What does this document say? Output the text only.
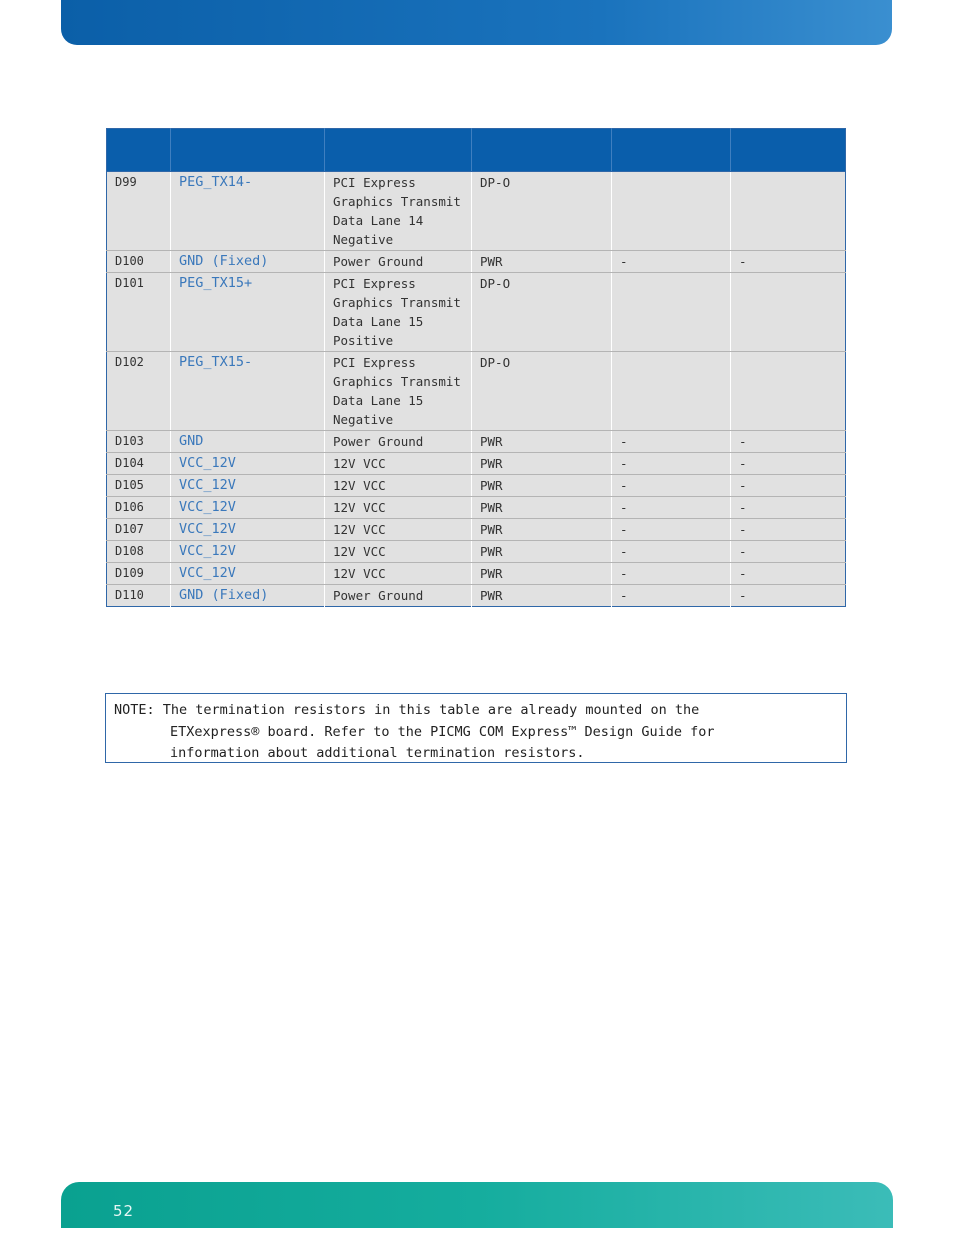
D99	PEG_TX14-	PCI Express Graphics Transmit Data Lane 14 Negative	DP-O		
D100	GND (Fixed)	Power Ground	PWR	-	-
D101	PEG_TX15+	PCI Express Graphics Transmit Data Lane 15 Positive	DP-O		
D102	PEG_TX15-	PCI Express Graphics Transmit Data Lane 15 Negative	DP-O		
D103	GND	Power Ground	PWR	-	-
D104	VCC_12V	12V VCC	PWR	-	-
D105	VCC_12V	12V VCC	PWR	-	-
D106	VCC_12V	12V VCC	PWR	-	-
D107	VCC_12V	12V VCC	PWR	-	-
D108	VCC_12V	12V VCC	PWR	-	-
D109	VCC_12V	12V VCC	PWR	-	-
D110	GND (Fixed)	Power Ground	PWR	-	-
NOTE: The termination resistors in this table are already mounted on the
ETXexpress® board. Refer to the PICMG COM Express™ Design Guide for
information about additional termination resistors.
52
